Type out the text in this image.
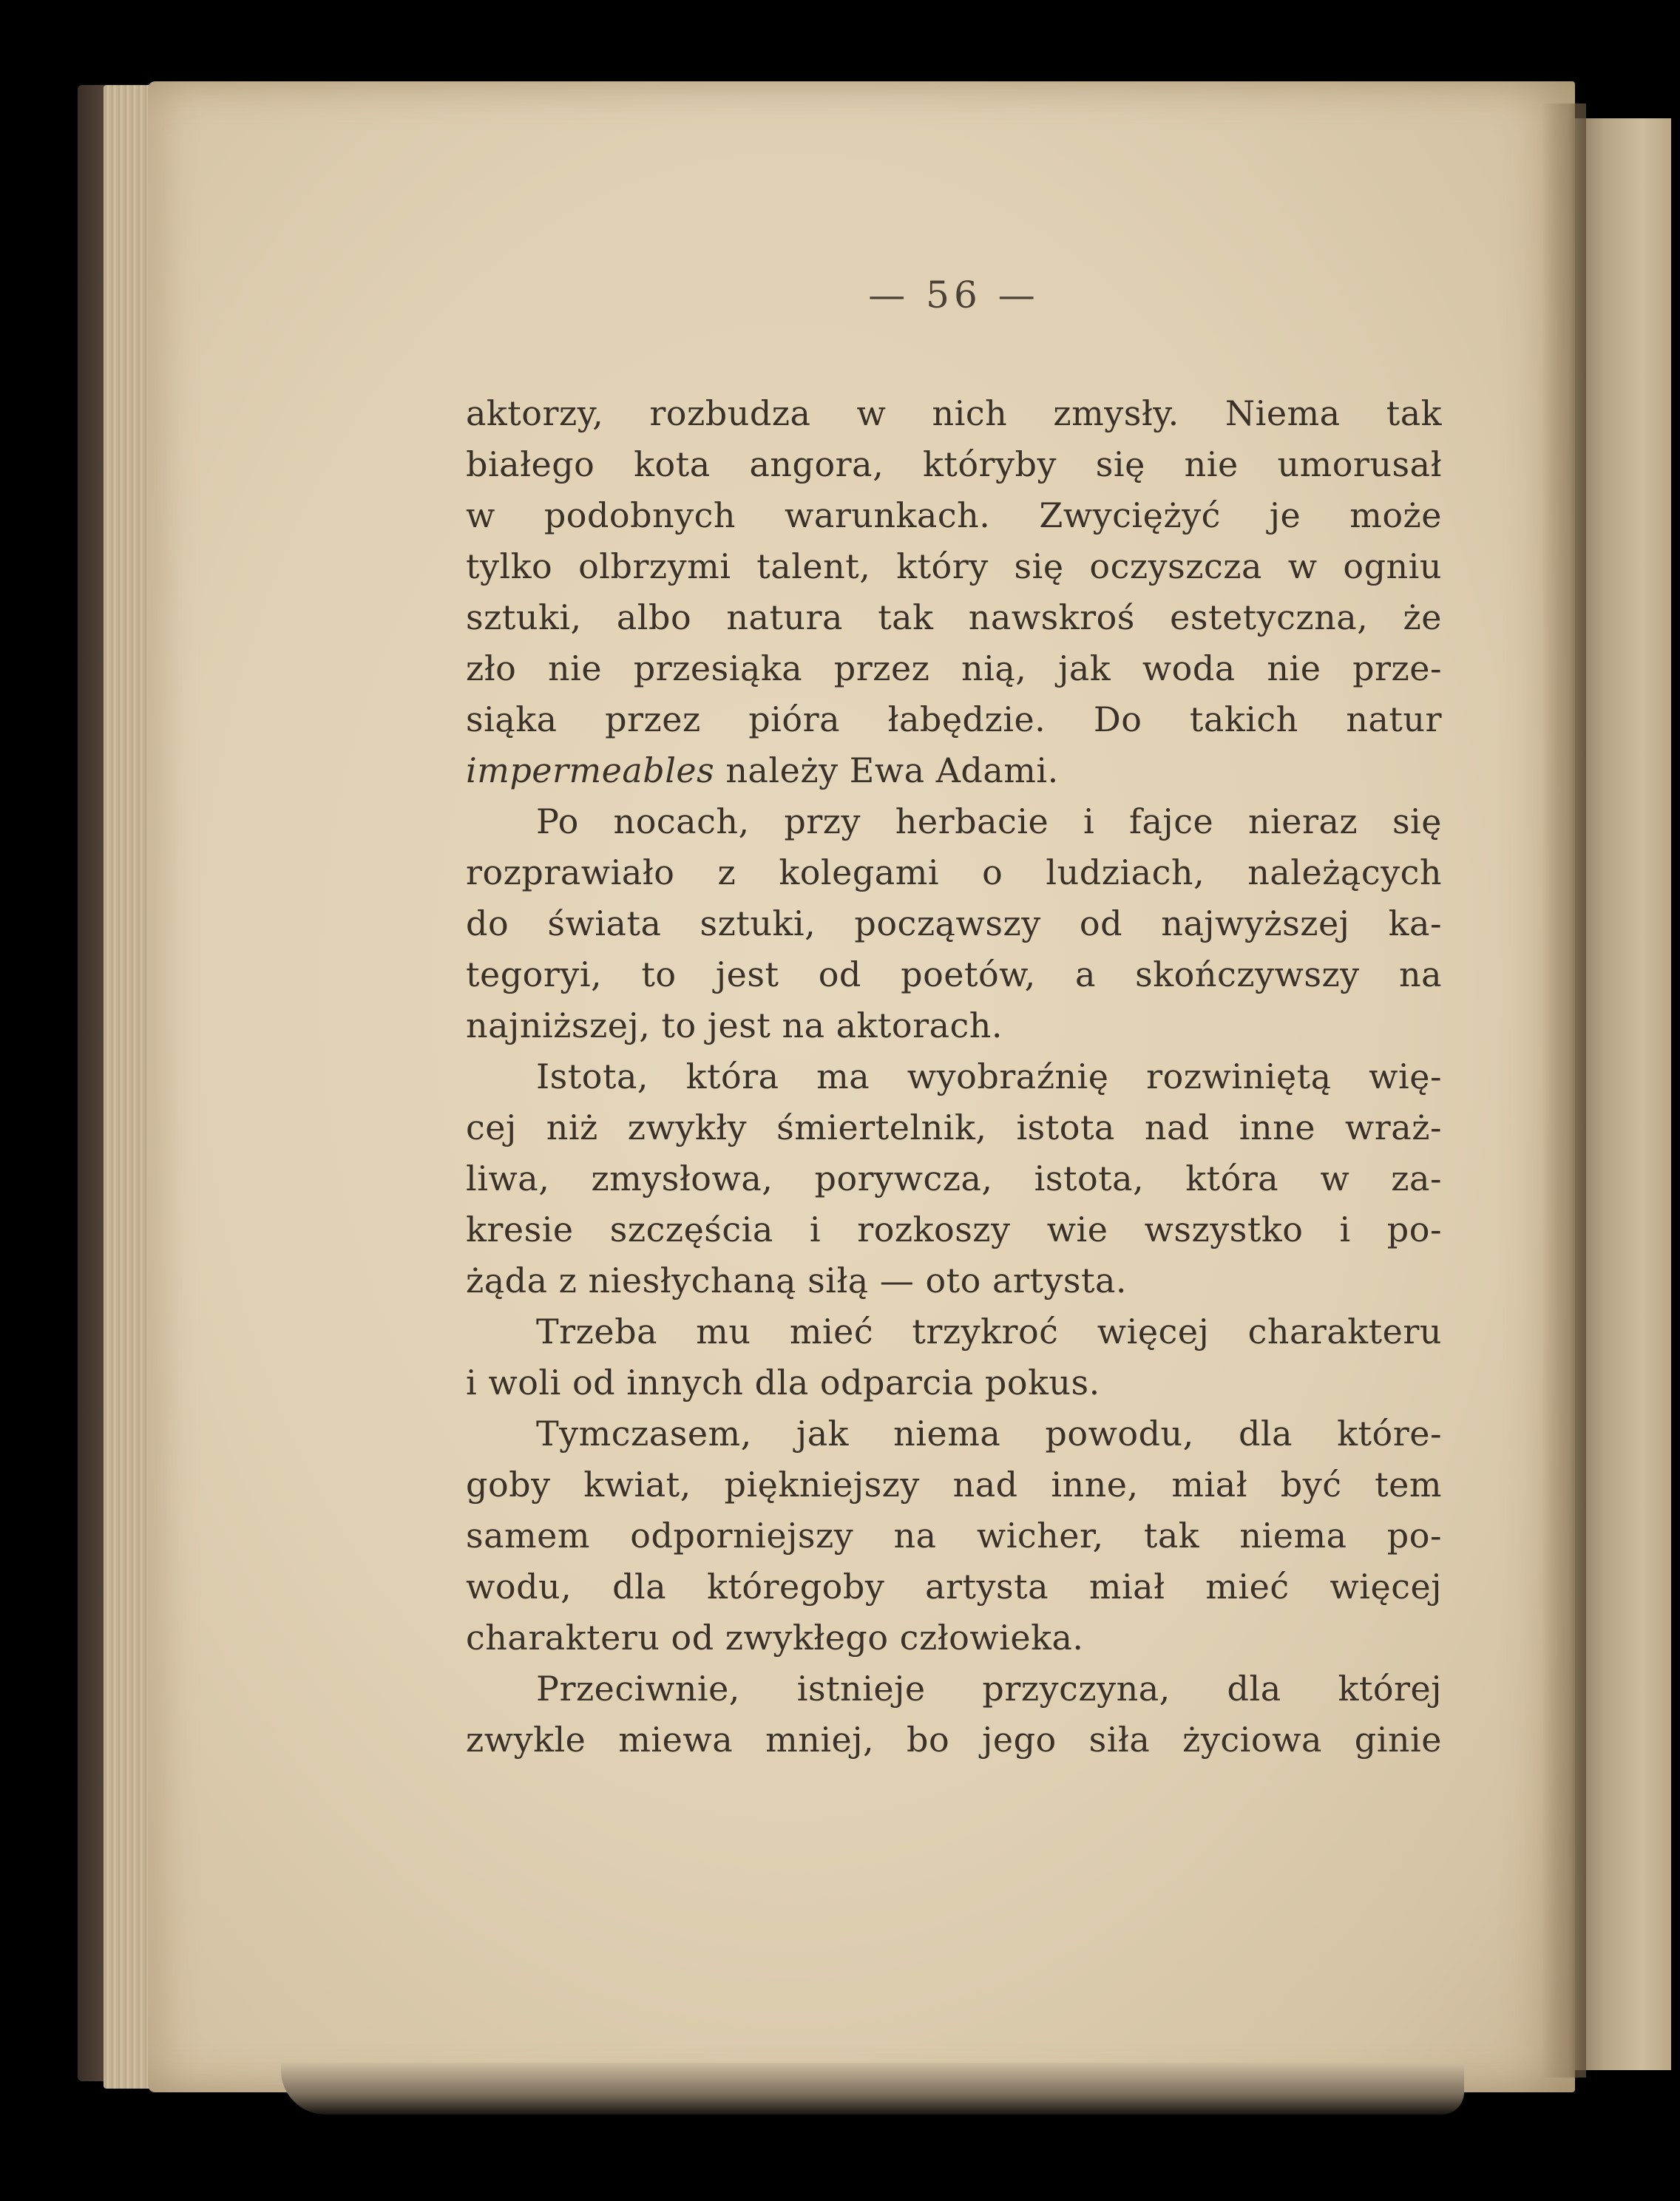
— 56 —
aktorzy, rozbudza w nich zmysły. Niema tak
białego kota angora, któryby się nie umorusał
w podobnych warunkach. Zwyciężyć je może
tylko olbrzymi talent, który się oczyszcza w ogniu
sztuki, albo natura tak nawskroś estetyczna, że
zło nie przesiąka przez nią, jak woda nie prze-
siąka przez pióra łabędzie. Do takich natur
impermeables należy Ewa Adami.
Po nocach, przy herbacie i fajce nieraz się
rozprawiało z kolegami o ludziach, należących
do świata sztuki, począwszy od najwyższej ka-
tegoryi, to jest od poetów, a skończywszy na
najniższej, to jest na aktorach.
Istota, która ma wyobraźnię rozwiniętą wię-
cej niż zwykły śmiertelnik, istota nad inne wraż-
liwa, zmysłowa, porywcza, istota, która w za-
kresie szczęścia i rozkoszy wie wszystko i po-
żąda z niesłychaną siłą — oto artysta.
Trzeba mu mieć trzykroć więcej charakteru
i woli od innych dla odparcia pokus.
Tymczasem, jak niema powodu, dla które-
goby kwiat, piękniejszy nad inne, miał być tem
samem odporniejszy na wicher, tak niema po-
wodu, dla któregoby artysta miał mieć więcej
charakteru od zwykłego człowieka.
Przeciwnie, istnieje przyczyna, dla której
zwykle miewa mniej, bo jego siła życiowa ginie
